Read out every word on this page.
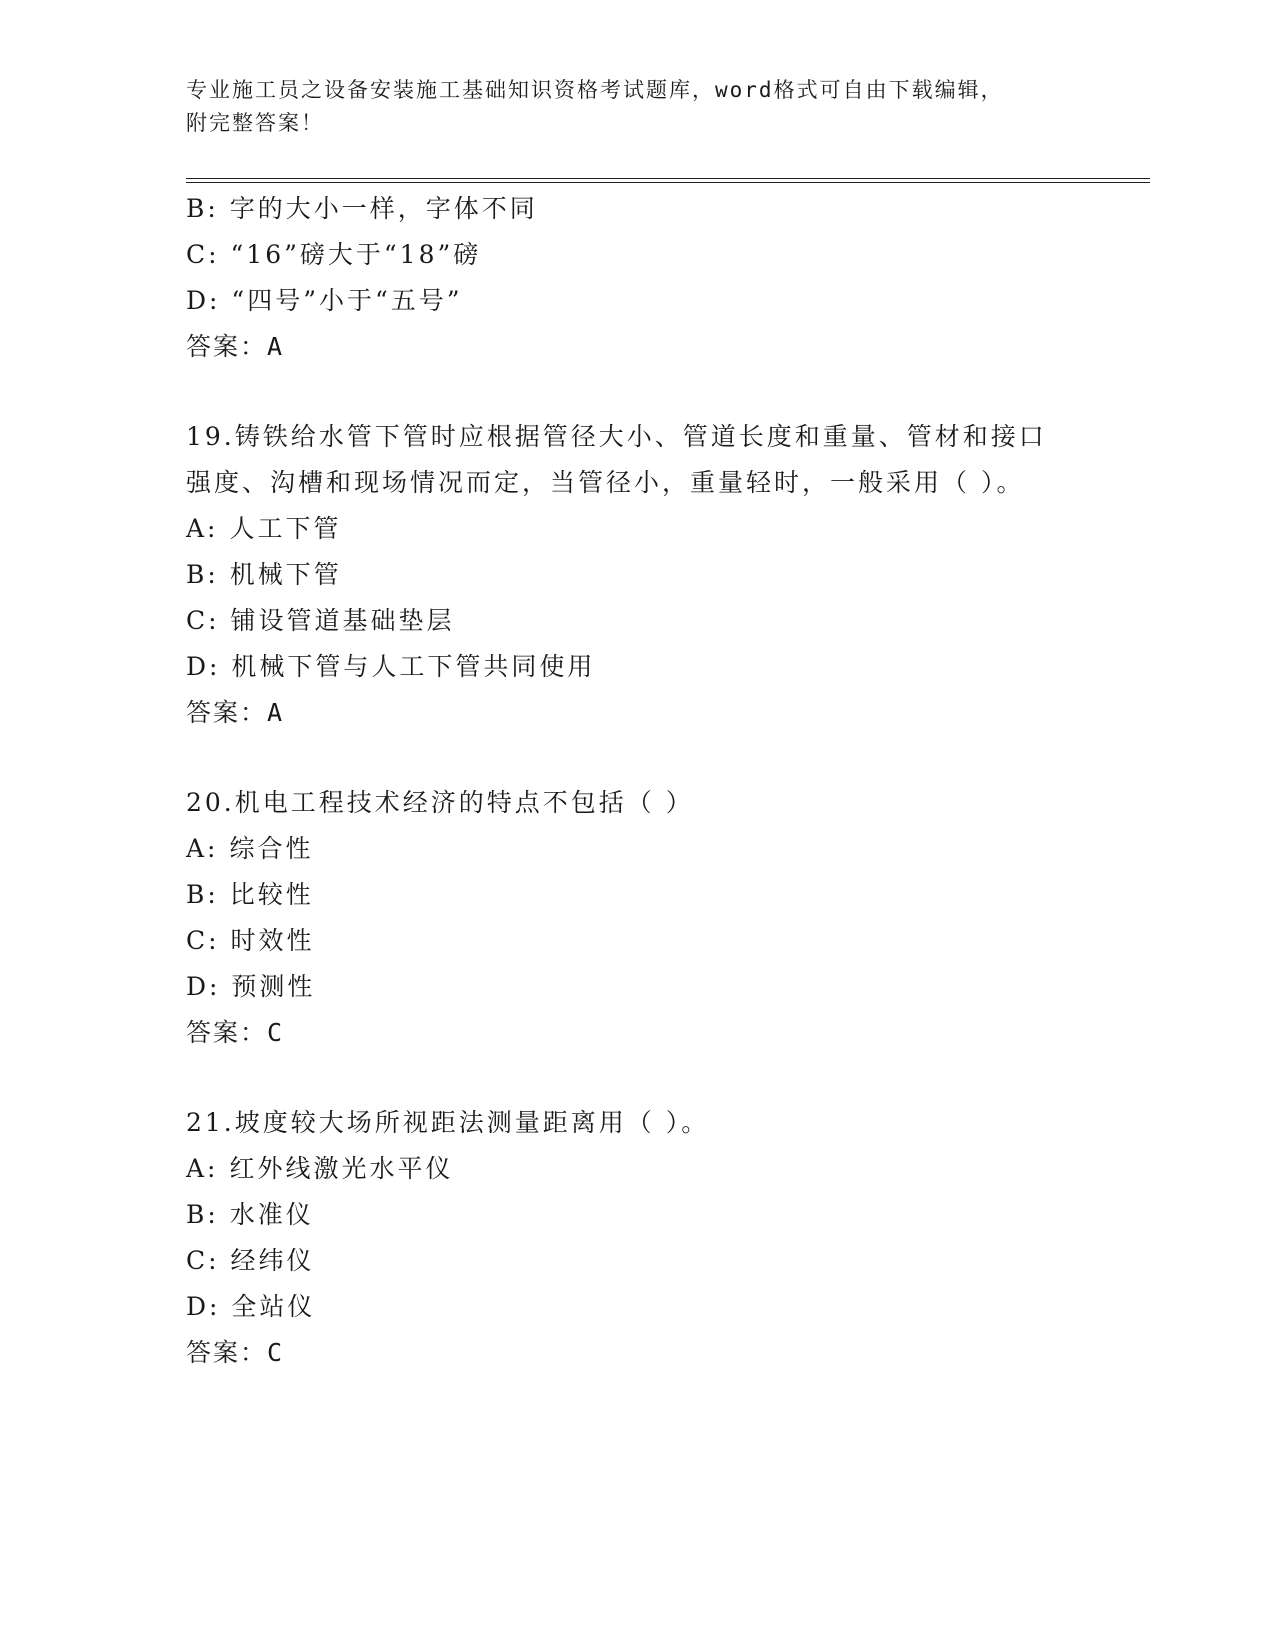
专业施工员之设备安装施工基础知识资格考试题库，word格式可自由下载编辑，
附完整答案！
B: 字的大小一样，字体不同
C: “16”磅大于“18”磅
D: “四号”小于“五号”
答案：A
19.铸铁给水管下管时应根据管径大小、管道长度和重量、管材和接口
强度、沟槽和现场情况而定，当管径小，重量轻时，一般采用（ ）。
A: 人工下管
B: 机械下管
C: 铺设管道基础垫层
D: 机械下管与人工下管共同使用
答案：A
20.机电工程技术经济的特点不包括（ ）
A: 综合性
B: 比较性
C: 时效性
D: 预测性
答案：C
21.坡度较大场所视距法测量距离用（ ）。
A: 红外线激光水平仪
B: 水准仪
C: 经纬仪
D: 全站仪
答案：C
